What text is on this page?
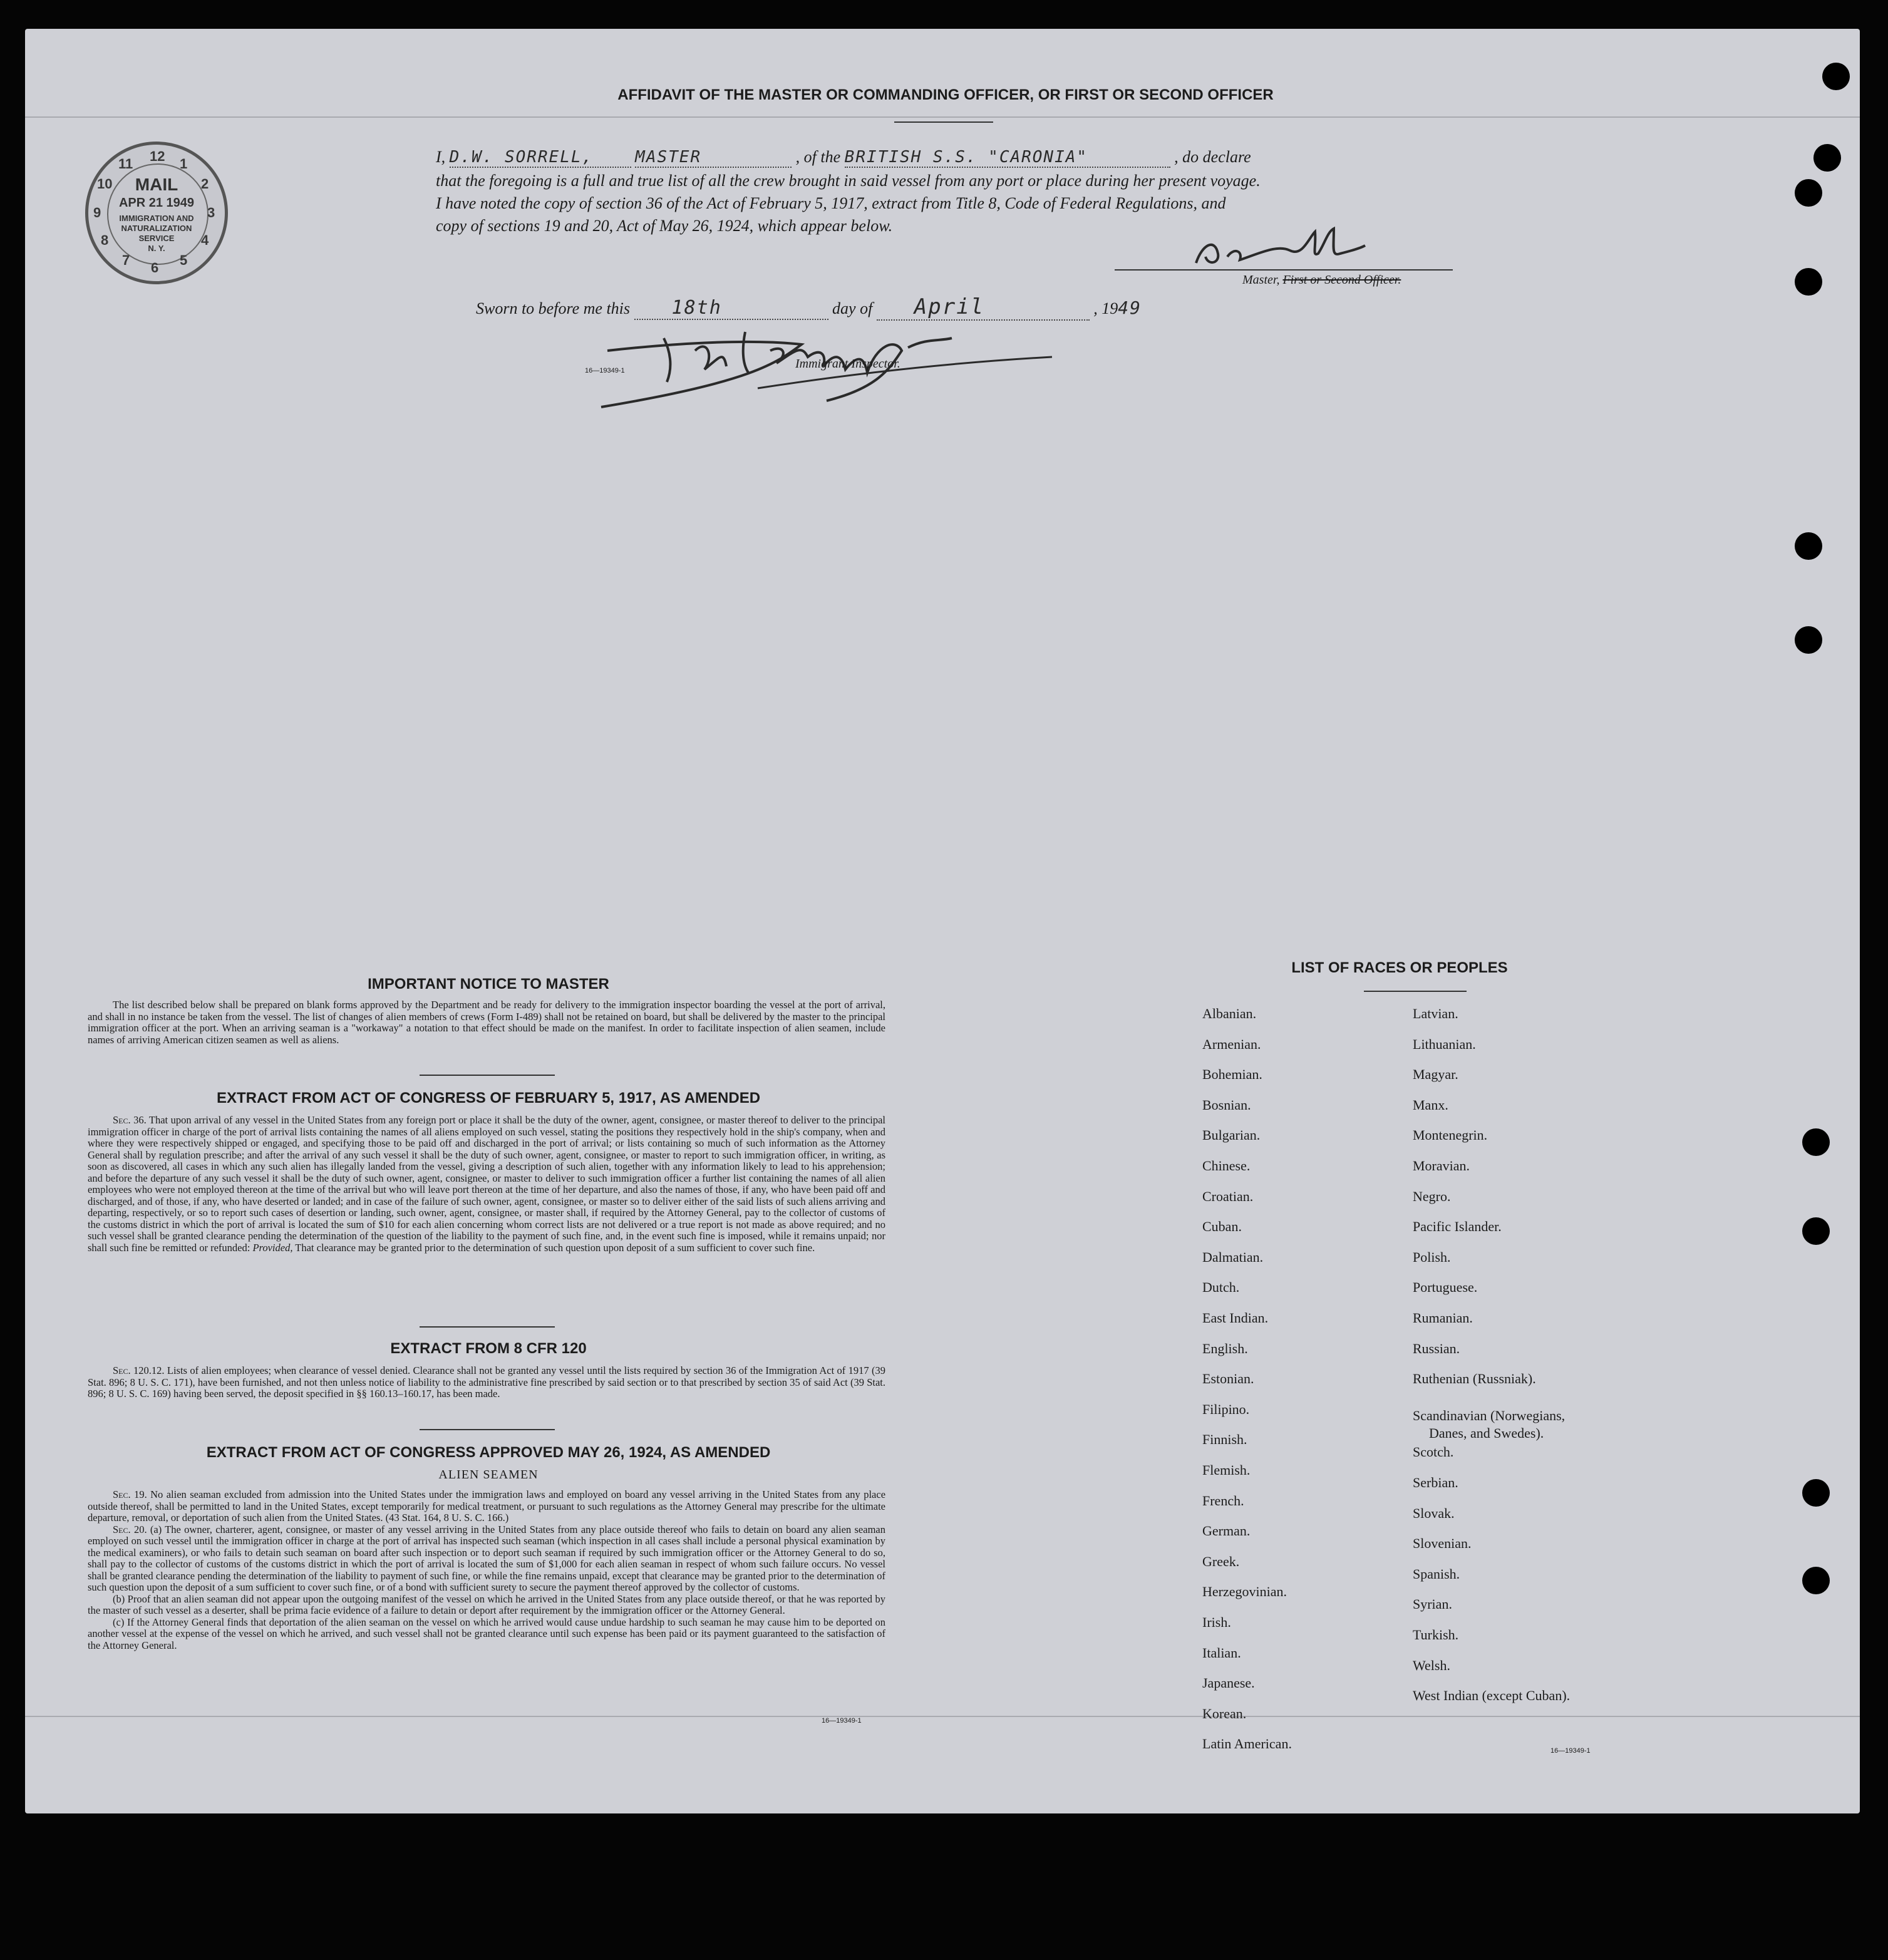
AFFIDAVIT OF THE MASTER OR COMMANDING OFFICER, OR FIRST OR SECOND OFFICER
I, D.W. SORRELL,	MASTER	, of the BRITISH S.S. "CARONIA"	, do declare
that the foregoing is a full and true list of all the crew brought in said vessel from any port or place during her present voyage.
I have noted the copy of section 36 of the Act of February 5, 1917, extract from Title 8, Code of Federal Regulations, and
copy of sections 19 and 20, Act of May 26, 1924, which appear below.
Master, First or Second Officer.
Sworn to before me this 18th	day of April	, 1949
16—19349-1	Immigrant Inspector.
12 1
2
3
4
5
6
7
8
9
10
11
MAIL
APR 21 1949
IMMIGRATION AND
NATURALIZATION
SERVICE
N. Y.
IMPORTANT NOTICE TO MASTER
The list described below shall be prepared on blank forms approved by the Department and be ready for delivery to the immigration inspector boarding the vessel at the port of arrival, and shall in no instance be taken from the vessel. The list of changes of alien members of crews (Form I-489) shall not be retained on board, but shall be delivered by the master to the principal immigration officer at the port. When an arriving seaman is a "workaway" a notation to that effect should be made on the manifest. In order to facilitate inspection of alien seamen, include names of arriving American citizen seamen as well as aliens.
EXTRACT FROM ACT OF CONGRESS OF FEBRUARY 5, 1917, AS AMENDED
Sec. 36. That upon arrival of any vessel in the United States from any foreign port or place it shall be the duty of the owner, agent, consignee, or master thereof to deliver to the principal immigration officer in charge of the port of arrival lists containing the names of all aliens employed on such vessel, stating the positions they respectively hold in the ship's company, when and where they were respectively shipped or engaged, and specifying those to be paid off and discharged in the port of arrival; or lists containing so much of such information as the Attorney General shall by regulation prescribe; and after the arrival of any such vessel it shall be the duty of such owner, agent, consignee, or master to report to such immigration officer, in writing, as soon as discovered, all cases in which any such alien has illegally landed from the vessel, giving a description of such alien, together with any information likely to lead to his apprehension; and before the departure of any such vessel it shall be the duty of such owner, agent, consignee, or master to deliver to such immigration officer a further list containing the names of all alien employees who were not employed thereon at the time of the arrival but who will leave port thereon at the time of her departure, and also the names of those, if any, who have been paid off and discharged, and of those, if any, who have deserted or landed; and in case of the failure of such owner, agent, consignee, or master so to deliver either of the said lists of such aliens arriving and departing, respectively, or so to report such cases of desertion or landing, such owner, agent, consignee, or master shall, if required by the Attorney General, pay to the collector of customs of the customs district in which the port of arrival is located the sum of $10 for each alien concerning whom correct lists are not delivered or a true report is not made as above required; and no such vessel shall be granted clearance pending the determination of the question of the liability to the payment of such fine, and, in the event such fine is imposed, while it remains unpaid; nor shall such fine be remitted or refunded: Provided, That clearance may be granted prior to the determination of such question upon deposit of a sum sufficient to cover such fine.
EXTRACT FROM 8 CFR 120
Sec. 120.12. Lists of alien employees; when clearance of vessel denied. Clearance shall not be granted any vessel until the lists required by section 36 of the Immigration Act of 1917 (39 Stat. 896; 8 U. S. C. 171), have been furnished, and not then unless notice of liability to the administrative fine prescribed by said section or to that prescribed by section 35 of said Act (39 Stat. 896; 8 U. S. C. 169) having been served, the deposit specified in §§ 160.13–160.17, has been made.
EXTRACT FROM ACT OF CONGRESS APPROVED MAY 26, 1924, AS AMENDED
ALIEN SEAMEN
Sec. 19. No alien seaman excluded from admission into the United States under the immigration laws and employed on board any vessel arriving in the United States from any place outside thereof, shall be permitted to land in the United States, except temporarily for medical treatment, or pursuant to such regulations as the Attorney General may prescribe for the ultimate departure, removal, or deportation of such alien from the United States. (43 Stat. 164, 8 U. S. C. 166.)
Sec. 20. (a) The owner, charterer, agent, consignee, or master of any vessel arriving in the United States from any place outside thereof who fails to detain on board any alien seaman employed on such vessel until the immigration officer in charge at the port of arrival has inspected such seaman (which inspection in all cases shall include a personal physical examination by the medical examiners), or who fails to detain such seaman on board after such inspection or to deport such seaman if required by such immigration officer or the Attorney General to do so, shall pay to the collector of customs of the customs district in which the port of arrival is located the sum of $1,000 for each alien seaman in respect of whom such failure occurs. No vessel shall be granted clearance pending the determination of the liability to payment of such fine, or while the fine remains unpaid, except that clearance may be granted prior to the determination of such question upon the deposit of a sum sufficient to cover such fine, or of a bond with sufficient surety to secure the payment thereof approved by the collector of customs.
(b) Proof that an alien seaman did not appear upon the outgoing manifest of the vessel on which he arrived in the United States from any place outside thereof, or that he was reported by the master of such vessel as a deserter, shall be prima facie evidence of a failure to detain or deport after requirement by the immigration officer or the Attorney General.
(c) If the Attorney General finds that deportation of the alien seaman on the vessel on which he arrived would cause undue hardship to such seaman he may cause him to be deported on another vessel at the expense of the vessel on which he arrived, and such vessel shall not be granted clearance until such expense has been paid or its payment guaranteed to the satisfaction of the Attorney General.
16—19349-1
LIST OF RACES OR PEOPLES
Albanian.
Armenian.
Bohemian.
Bosnian.
Bulgarian.
Chinese.
Croatian.
Cuban.
Dalmatian.
Dutch.
East Indian.
English.
Estonian.
Filipino.
Finnish.
Flemish.
French.
German.
Greek.
Herzegovinian.
Irish.
Italian.
Japanese.
Korean.
Latin American.
Latvian.
Lithuanian.
Magyar.
Manx.
Montenegrin.
Moravian.
Negro.
Pacific Islander.
Polish.
Portuguese.
Rumanian.
Russian.
Ruthenian (Russniak).
Scandinavian (Norwegians,
Danes, and Swedes).
Scotch.
Serbian.
Slovak.
Slovenian.
Spanish.
Syrian.
Turkish.
Welsh.
West Indian (except Cuban).
16—19349-1
